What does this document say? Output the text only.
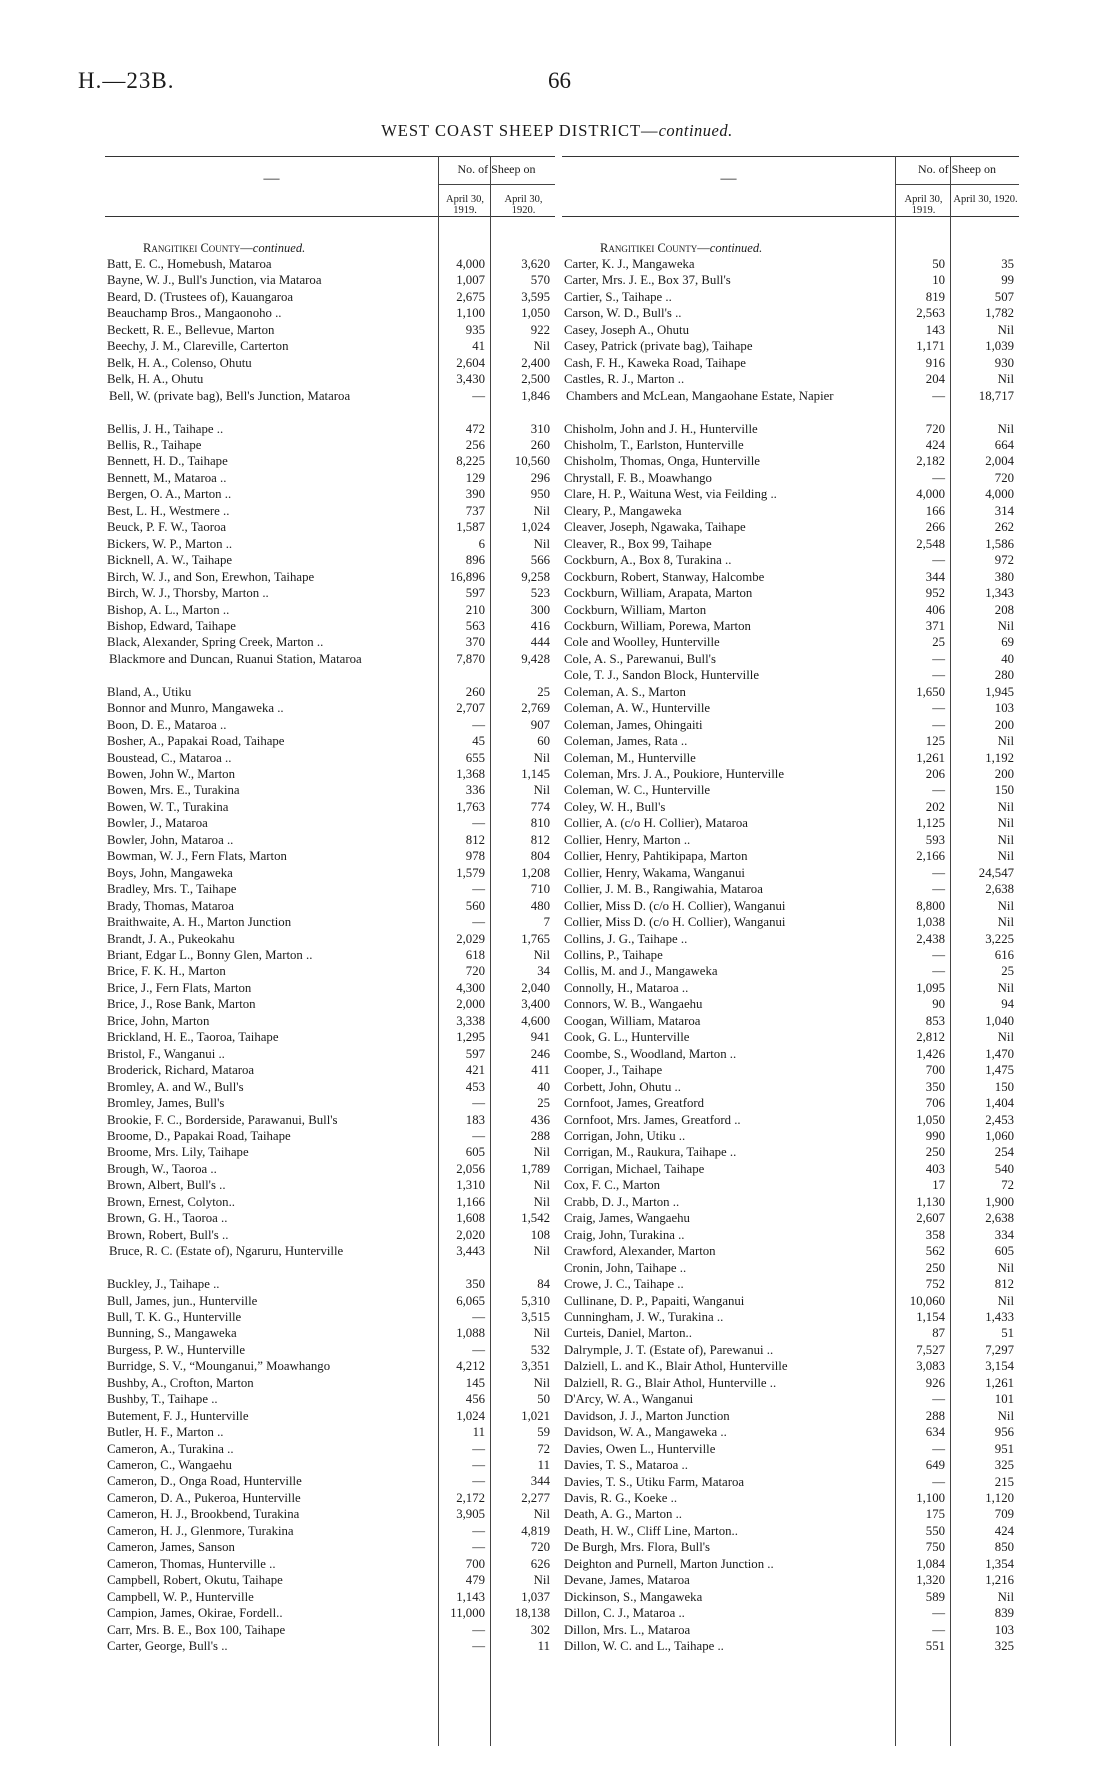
H.—23B.	66
WEST COAST SHEEP DISTRICT—continued.
—
No. of Sheep on
April 30, 1919.
April 30, 1920.
Rangitikei County—continued.
Batt, E. C., Homebush, Mataroa	4,000	3,620
Bayne, W. J., Bull's Junction, via Mataroa	1,007	570
Beard, D. (Trustees of), Kauangaroa	2,675	3,595
Beauchamp Bros., Mangaonoho ..	1,100	1,050
Beckett, R. E., Bellevue, Marton	935	922
Beechy, J. M., Clareville, Carterton	41	Nil
Belk, H. A., Colenso, Ohutu	2,604	2,400
Belk, H. A., Ohutu	3,430	2,500
Bell, W. (private bag), Bell's Junction, Mataroa	—	1,846
Bellis, J. H., Taihape ..	472	310
Bellis, R., Taihape	256	260
Bennett, H. D., Taihape	8,225	10,560
Bennett, M., Mataroa ..	129	296
Bergen, O. A., Marton ..	390	950
Best, L. H., Westmere ..	737	Nil
Beuck, P. F. W., Taoroa	1,587	1,024
Bickers, W. P., Marton ..	6	Nil
Bicknell, A. W., Taihape	896	566
Birch, W. J., and Son, Erewhon, Taihape	16,896	9,258
Birch, W. J., Thorsby, Marton ..	597	523
Bishop, A. L., Marton ..	210	300
Bishop, Edward, Taihape	563	416
Black, Alexander, Spring Creek, Marton ..	370	444
Blackmore and Duncan, Ruanui Station, Mataroa	7,870	9,428
Bland, A., Utiku	260	25
Bonnor and Munro, Mangaweka ..	2,707	2,769
Boon, D. E., Mataroa ..	—	907
Bosher, A., Papakai Road, Taihape	45	60
Boustead, C., Mataroa ..	655	Nil
Bowen, John W., Marton	1,368	1,145
Bowen, Mrs. E., Turakina	336	Nil
Bowen, W. T., Turakina	1,763	774
Bowler, J., Mataroa	—	810
Bowler, John, Mataroa ..	812	812
Bowman, W. J., Fern Flats, Marton	978	804
Boys, John, Mangaweka	1,579	1,208
Bradley, Mrs. T., Taihape	—	710
Brady, Thomas, Mataroa	560	480
Braithwaite, A. H., Marton Junction	—	7
Brandt, J. A., Pukeokahu	2,029	1,765
Briant, Edgar L., Bonny Glen, Marton ..	618	Nil
Brice, F. K. H., Marton	720	34
Brice, J., Fern Flats, Marton	4,300	2,040
Brice, J., Rose Bank, Marton	2,000	3,400
Brice, John, Marton	3,338	4,600
Brickland, H. E., Taoroa, Taihape	1,295	941
Bristol, F., Wanganui ..	597	246
Broderick, Richard, Mataroa	421	411
Bromley, A. and W., Bull's	453	40
Bromley, James, Bull's	—	25
Brookie, F. C., Borderside, Parawanui, Bull's	183	436
Broome, D., Papakai Road, Taihape	—	288
Broome, Mrs. Lily, Taihape	605	Nil
Brough, W., Taoroa ..	2,056	1,789
Brown, Albert, Bull's ..	1,310	Nil
Brown, Ernest, Colyton..	1,166	Nil
Brown, G. H., Taoroa ..	1,608	1,542
Brown, Robert, Bull's ..	2,020	108
Bruce, R. C. (Estate of), Ngaruru, Hunterville	3,443	Nil
Buckley, J., Taihape ..	350	84
Bull, James, jun., Hunterville	6,065	5,310
Bull, T. K. G., Hunterville	—	3,515
Bunning, S., Mangaweka	1,088	Nil
Burgess, P. W., Hunterville	—	532
Burridge, S. V., “Mounganui,” Moawhango	4,212	3,351
Bushby, A., Crofton, Marton	145	Nil
Bushby, T., Taihape ..	456	50
Butement, F. J., Hunterville	1,024	1,021
Butler, H. F., Marton ..	11	59
Cameron, A., Turakina ..	—	72
Cameron, C., Wangaehu	—	11
Cameron, D., Onga Road, Hunterville	—	344
Cameron, D. A., Pukeroa, Hunterville	2,172	2,277
Cameron, H. J., Brookbend, Turakina	3,905	Nil
Cameron, H. J., Glenmore, Turakina	—	4,819
Cameron, James, Sanson	—	720
Cameron, Thomas, Hunterville ..	700	626
Campbell, Robert, Okutu, Taihape	479	Nil
Campbell, W. P., Hunterville	1,143	1,037
Campion, James, Okirae, Fordell..	11,000	18,138
Carr, Mrs. B. E., Box 100, Taihape	—	302
Carter, George, Bull's ..	—	11
—
No. of Sheep on
April 30, 1919.
April 30, 1920.
Rangitikei County—continued.
Carter, K. J., Mangaweka	50	35
Carter, Mrs. J. E., Box 37, Bull's	10	99
Cartier, S., Taihape ..	819	507
Carson, W. D., Bull's ..	2,563	1,782
Casey, Joseph A., Ohutu	143	Nil
Casey, Patrick (private bag), Taihape	1,171	1,039
Cash, F. H., Kaweka Road, Taihape	916	930
Castles, R. J., Marton ..	204	Nil
Chambers and McLean, Mangaohane Estate, Napier	—	18,717
Chisholm, John and J. H., Hunterville	720	Nil
Chisholm, T., Earlston, Hunterville	424	664
Chisholm, Thomas, Onga, Hunterville	2,182	2,004
Chrystall, F. B., Moawhango	—	720
Clare, H. P., Waituna West, via Feilding ..	4,000	4,000
Cleary, P., Mangaweka	166	314
Cleaver, Joseph, Ngawaka, Taihape	266	262
Cleaver, R., Box 99, Taihape	2,548	1,586
Cockburn, A., Box 8, Turakina ..	—	972
Cockburn, Robert, Stanway, Halcombe	344	380
Cockburn, William, Arapata, Marton	952	1,343
Cockburn, William, Marton	406	208
Cockburn, William, Porewa, Marton	371	Nil
Cole and Woolley, Hunterville	25	69
Cole, A. S., Parewanui, Bull's	—	40
Cole, T. J., Sandon Block, Hunterville	—	280
Coleman, A. S., Marton	1,650	1,945
Coleman, A. W., Hunterville	—	103
Coleman, James, Ohingaiti	—	200
Coleman, James, Rata ..	125	Nil
Coleman, M., Hunterville	1,261	1,192
Coleman, Mrs. J. A., Poukiore, Hunterville	206	200
Coleman, W. C., Hunterville	—	150
Coley, W. H., Bull's	202	Nil
Collier, A. (c/o H. Collier), Mataroa	1,125	Nil
Collier, Henry, Marton ..	593	Nil
Collier, Henry, Pahtikipapa, Marton	2,166	Nil
Collier, Henry, Wakama, Wanganui	—	24,547
Collier, J. M. B., Rangiwahia, Mataroa	—	2,638
Collier, Miss D. (c/o H. Collier), Wanganui	8,800	Nil
Collier, Miss D. (c/o H. Collier), Wanganui	1,038	Nil
Collins, J. G., Taihape ..	2,438	3,225
Collins, P., Taihape	—	616
Collis, M. and J., Mangaweka	—	25
Connolly, H., Mataroa ..	1,095	Nil
Connors, W. B., Wangaehu	90	94
Coogan, William, Mataroa	853	1,040
Cook, G. L., Hunterville	2,812	Nil
Coombe, S., Woodland, Marton ..	1,426	1,470
Cooper, J., Taihape	700	1,475
Corbett, John, Ohutu ..	350	150
Cornfoot, James, Greatford	706	1,404
Cornfoot, Mrs. James, Greatford ..	1,050	2,453
Corrigan, John, Utiku ..	990	1,060
Corrigan, M., Raukura, Taihape ..	250	254
Corrigan, Michael, Taihape	403	540
Cox, F. C., Marton	17	72
Crabb, D. J., Marton ..	1,130	1,900
Craig, James, Wangaehu	2,607	2,638
Craig, John, Turakina ..	358	334
Crawford, Alexander, Marton	562	605
Cronin, John, Taihape ..	250	Nil
Crowe, J. C., Taihape ..	752	812
Cullinane, D. P., Papaiti, Wanganui	10,060	Nil
Cunningham, J. W., Turakina ..	1,154	1,433
Curteis, Daniel, Marton..	87	51
Dalrymple, J. T. (Estate of), Parewanui ..	7,527	7,297
Dalziell, L. and K., Blair Athol, Hunterville	3,083	3,154
Dalziell, R. G., Blair Athol, Hunterville ..	926	1,261
D'Arcy, W. A., Wanganui	—	101
Davidson, J. J., Marton Junction	288	Nil
Davidson, W. A., Mangaweka ..	634	956
Davies, Owen L., Hunterville	—	951
Davies, T. S., Mataroa ..	649	325
Davies, T. S., Utiku Farm, Mataroa	—	215
Davis, R. G., Koeke ..	1,100	1,120
Death, A. G., Marton ..	175	709
Death, H. W., Cliff Line, Marton..	550	424
De Burgh, Mrs. Flora, Bull's	750	850
Deighton and Purnell, Marton Junction ..	1,084	1,354
Devane, James, Mataroa	1,320	1,216
Dickinson, S., Mangaweka	589	Nil
Dillon, C. J., Mataroa ..	—	839
Dillon, Mrs. L., Mataroa	—	103
Dillon, W. C. and L., Taihape ..	551	325
